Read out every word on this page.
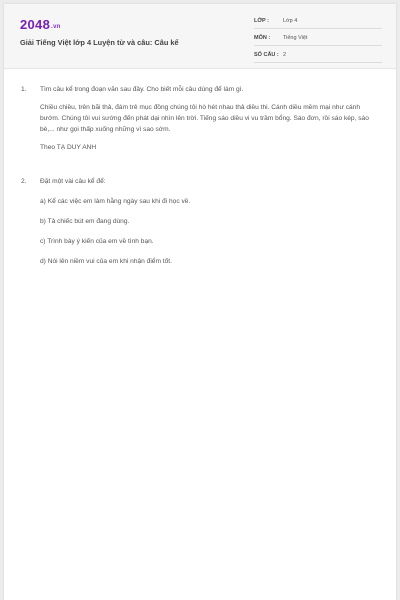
2048.vn
Giải Tiếng Việt lớp 4 Luyện từ và câu: Câu kể
LỚP :	Lớp 4
MÔN :	Tiếng Việt
SỐ CÂU : 2
1. Tìm câu kể trong đoạn văn sau đây. Cho biết mỗi câu dùng để làm gì.
Chiều chiều, trên bãi thả, đám trẻ mục đồng chúng tôi hò hét nhau thả diều thi. Cánh diều mềm mại như cánh bướm. Chúng tôi vui sướng đến phát dại nhìn lên trời. Tiếng sáo diều vi vu trầm bổng. Sáo đơn, rồi sáo kép, sáo bè,... như gọi thấp xuống những vì sao sớm.
Theo TẠ DUY ANH
2. Đặt một vài câu kể để:
a) Kể các việc em làm hằng ngày sau khi đi học về.
b) Tả chiếc bút em đang dùng.
c) Trình bày ý kiến của em về tình bạn.
d) Nói lên niềm vui của em khi nhận điểm tốt.
